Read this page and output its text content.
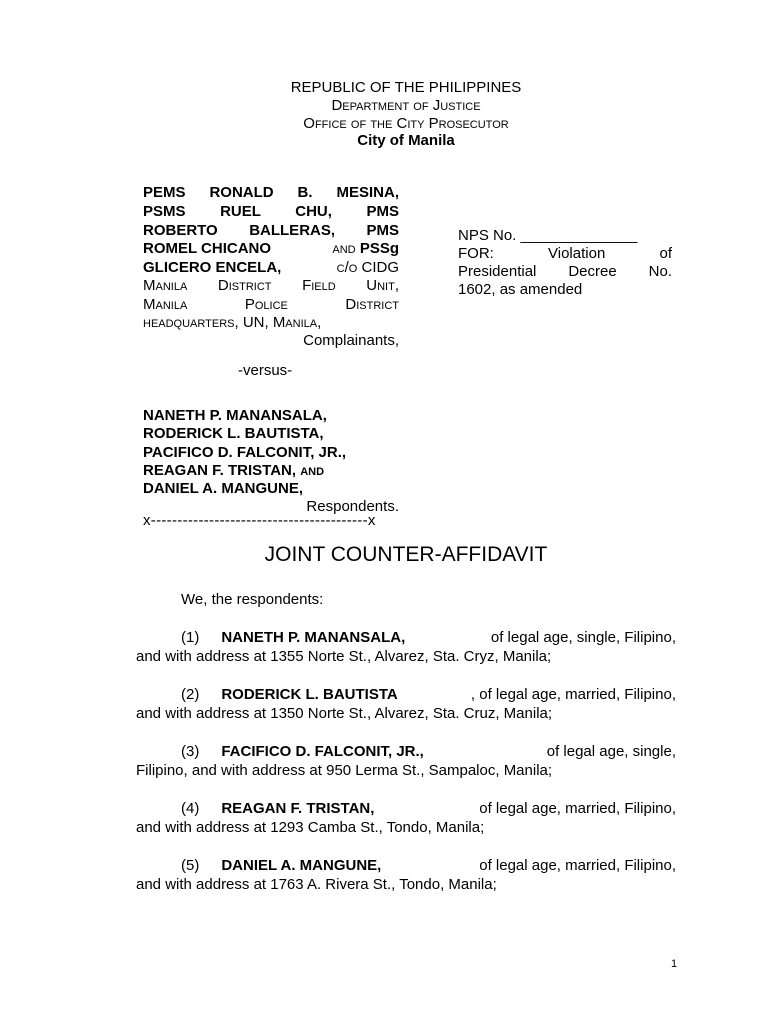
REPUBLIC OF THE PHILIPPINES
Department of Justice
Office of the City Prosecutor
City of Manila
PEMS RONALD B. MESINA,
PSMS RUEL CHU, PMS
ROBERTO BALLERAS, PMS
ROMEL CHICANO	and PSSg
GLICERO ENCELA,	c/o CIDG
Manila District Field Unit,
Manila Police District
headquarters, UN, Manila,
Complainants,
-versus-
NANETH P. MANANSALA,
RODERICK L. BAUTISTA,
PACIFICO D. FALCONIT, JR.,
REAGAN F. TRISTAN, and
DANIEL A. MANGUNE,
Respondents.
x-----------------------------------------x
NPS No. ______________
FOR: Violation of
Presidential Decree No.
1602, as amended
JOINT COUNTER-AFFIDAVIT
We, the respondents:
(1) NANETH P. MANANSALA,	of legal age, single, Filipino,
and with address at 1355 Norte St., Alvarez, Sta. Cryz, Manila;
(2) RODERICK L. BAUTISTA	, of legal age, married, Filipino,
and with address at 1350 Norte St., Alvarez, Sta. Cruz, Manila;
(3) FACIFICO D. FALCONIT, JR.,	of legal age, single,
Filipino, and with address at 950 Lerma St., Sampaloc, Manila;
(4) REAGAN F. TRISTAN,	of legal age, married, Filipino,
and with address at 1293 Camba St., Tondo, Manila;
(5) DANIEL A. MANGUNE,	of legal age, married, Filipino,
and with address at 1763 A. Rivera St., Tondo, Manila;
1
